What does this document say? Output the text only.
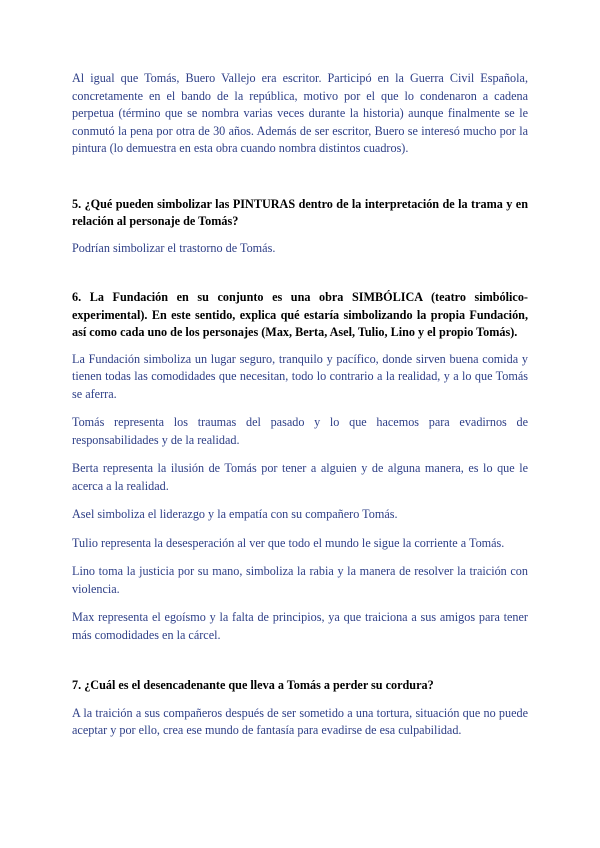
Al igual que Tomás, Buero Vallejo era escritor. Participó en la Guerra Civil Española, concretamente en el bando de la república, motivo por el que lo condenaron a cadena perpetua (término que se nombra varias veces durante la historia) aunque finalmente se le conmutó la pena por otra de 30 años. Además de ser escritor, Buero se interesó mucho por la pintura (lo demuestra en esta obra cuando nombra distintos cuadros).

5. ¿Qué pueden simbolizar las PINTURAS dentro de la interpretación de la trama y en relación al personaje de Tomás?

Podrían simbolizar el trastorno de Tomás.

6. La Fundación en su conjunto es una obra SIMBÓLICA (teatro simbólico-experimental). En este sentido, explica qué estaría simbolizando la propia Fundación, así como cada uno de los personajes (Max, Berta, Asel, Tulio, Lino y el propio Tomás).

La Fundación simboliza un lugar seguro, tranquilo y pacífico, donde sirven buena comida y tienen todas las comodidades que necesitan, todo lo contrario a la realidad, y a lo que Tomás se aferra.

Tomás representa los traumas del pasado y lo que hacemos para evadirnos de responsabilidades y de la realidad.

Berta representa la ilusión de Tomás por tener a alguien y de alguna manera, es lo que le acerca a la realidad.

Asel simboliza el liderazgo y la empatía con su compañero Tomás.

Tulio representa la desesperación al ver que todo el mundo le sigue la corriente a Tomás.

Lino toma la justicia por su mano, simboliza la rabia y la manera de resolver la traición con violencia.

Max representa el egoísmo y la falta de principios, ya que traiciona a sus amigos para tener más comodidades en la cárcel.

7. ¿Cuál es el desencadenante que lleva a Tomás a perder su cordura?

A la traición a sus compañeros después de ser sometido a una tortura, situación que no puede aceptar y por ello, crea ese mundo de fantasía para evadirse de esa culpabilidad.
